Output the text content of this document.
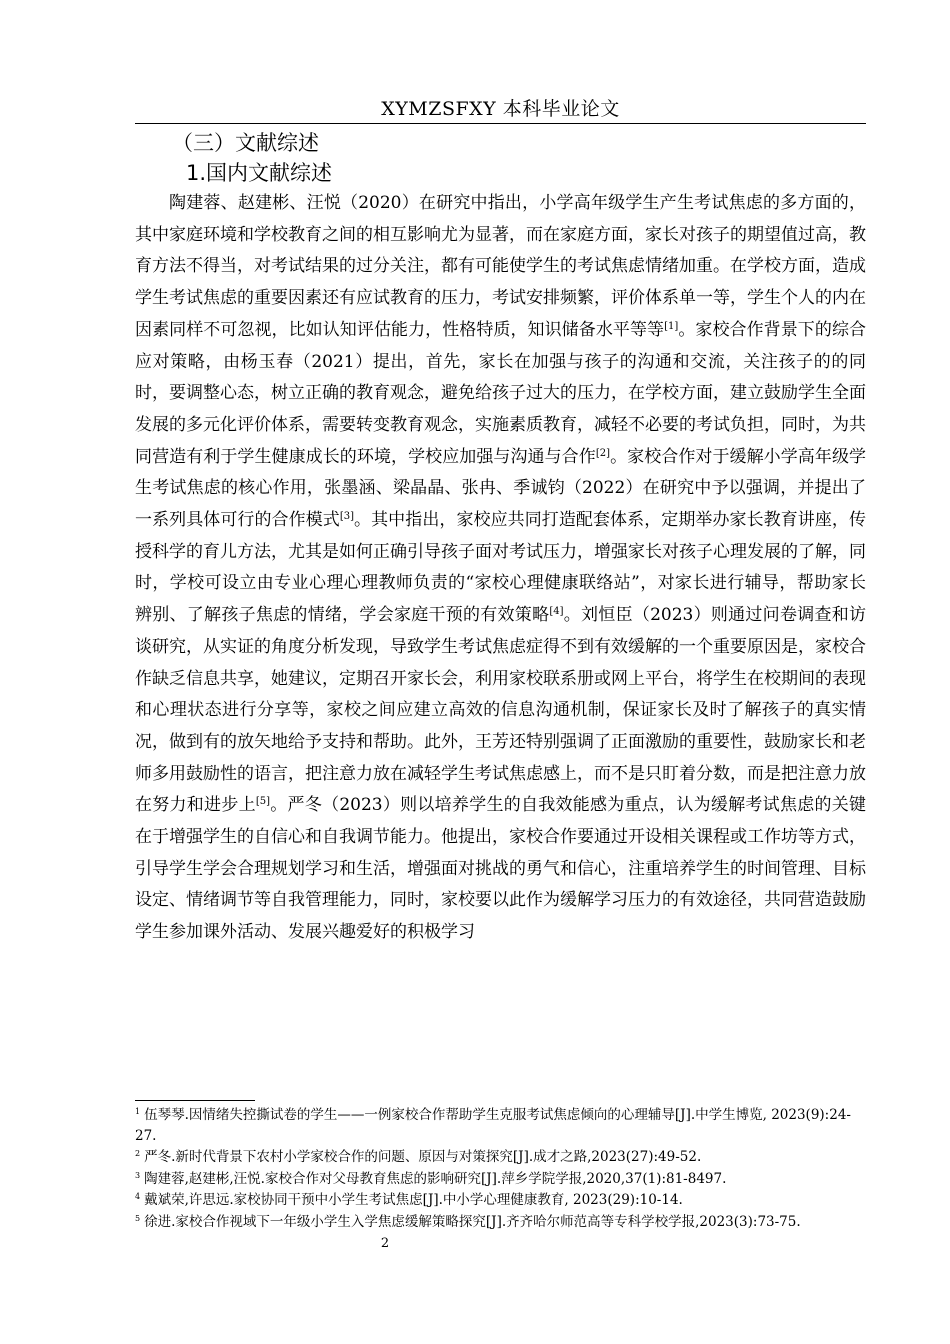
XYMZSFXY 本科毕业论文
（三）文献综述
1.国内文献综述

陶建蓉、赵建彬、汪悦（2020）在研究中指出，小学高年级学生产生考试焦虑的多方面的，其中家庭环境和学校教育之间的相互影响尤为显著，而在家庭方面，家长对孩子的期望值过高，教育方法不得当，对考试结果的过分关注，都有可能使学生的考试焦虑情绪加重。在学校方面，造成学生考试焦虑的重要因素还有应试教育的压力，考试安排频繁，评价体系单一等，学生个人的内在因素同样不可忽视，比如认知评估能力，性格特质，知识储备水平等等[1]。家校合作背景下的综合应对策略，由杨玉春（2021）提出，首先，家长在加强与孩子的沟通和交流，关注孩子的的同时，要调整心态，树立正确的教育观念，避免给孩子过大的压力，在学校方面，建立鼓励学生全面发展的多元化评价体系，需要转变教育观念，实施素质教育，减轻不必要的考试负担，同时，为共同营造有利于学生健康成长的环境，学校应加强与沟通与合作[2]。家校合作对于缓解小学高年级学生考试焦虑的核心作用，张墨涵、梁晶晶、张冉、季诚钧（2022）在研究中予以强调，并提出了一系列具体可行的合作模式[3]。其中指出，家校应共同打造配套体系，定期举办家长教育讲座，传授科学的育儿方法，尤其是如何正确引导孩子面对考试压力，增强家长对孩子心理发展的了解，同时，学校可设立由专业心理心理教师负责的“家校心理健康联络站”，对家长进行辅导，帮助家长辨别、了解孩子焦虑的情绪，学会家庭干预的有效策略[4]。刘恒臣（2023）则通过问卷调查和访谈研究，从实证的角度分析发现，导致学生考试焦虑症得不到有效缓解的一个重要原因是，家校合作缺乏信息共享，她建议，定期召开家长会，利用家校联系册或网上平台，将学生在校期间的表现和心理状态进行分享等，家校之间应建立高效的信息沟通机制，保证家长及时了解孩子的真实情况，做到有的放矢地给予支持和帮助。此外，王芳还特别强调了正面激励的重要性，鼓励家长和老师多用鼓励性的语言，把注意力放在减轻学生考试焦虑感上，而不是只盯着分数，而是把注意力放在努力和进步上[5]。严冬（2023）则以培养学生的自我效能感为重点，认为缓解考试焦虑的关键在于增强学生的自信心和自我调节能力。他提出，家校合作要通过开设相关课程或工作坊等方式，引导学生学会合理规划学习和生活，增强面对挑战的勇气和信心，注重培养学生的时间管理、目标设定、情绪调节等自我管理能力，同时，家校要以此作为缓解学习压力的有效途径，共同营造鼓励学生参加课外活动、发展兴趣爱好的积极学习

$^1$ 伍琴琴.因情绪失控撕试卷的学生——一例家校合作帮助学生克服考试焦虑倾向的心理辅导[J].中学生博览, 2023(9):24-27.

$^2$ 严冬.新时代背景下农村小学家校合作的问题、原因与对策探究[J].成才之路,2023(27):49-52.

$^3$ 陶建蓉,赵建彬,汪悦.家校合作对父母教育焦虑的影响研究[J].萍乡学院学报,2020,37(1):81-8497.

$^4$ 戴斌荣,许思远.家校协同干预中小学生考试焦虑[J].中小学心理健康教育, 2023(29):10-14.

$^5$ 徐进.家校合作视域下一年级小学生入学焦虑缓解策略探究[J].齐齐哈尔师范高等专科学校学报,2023(3):73-75.

2
